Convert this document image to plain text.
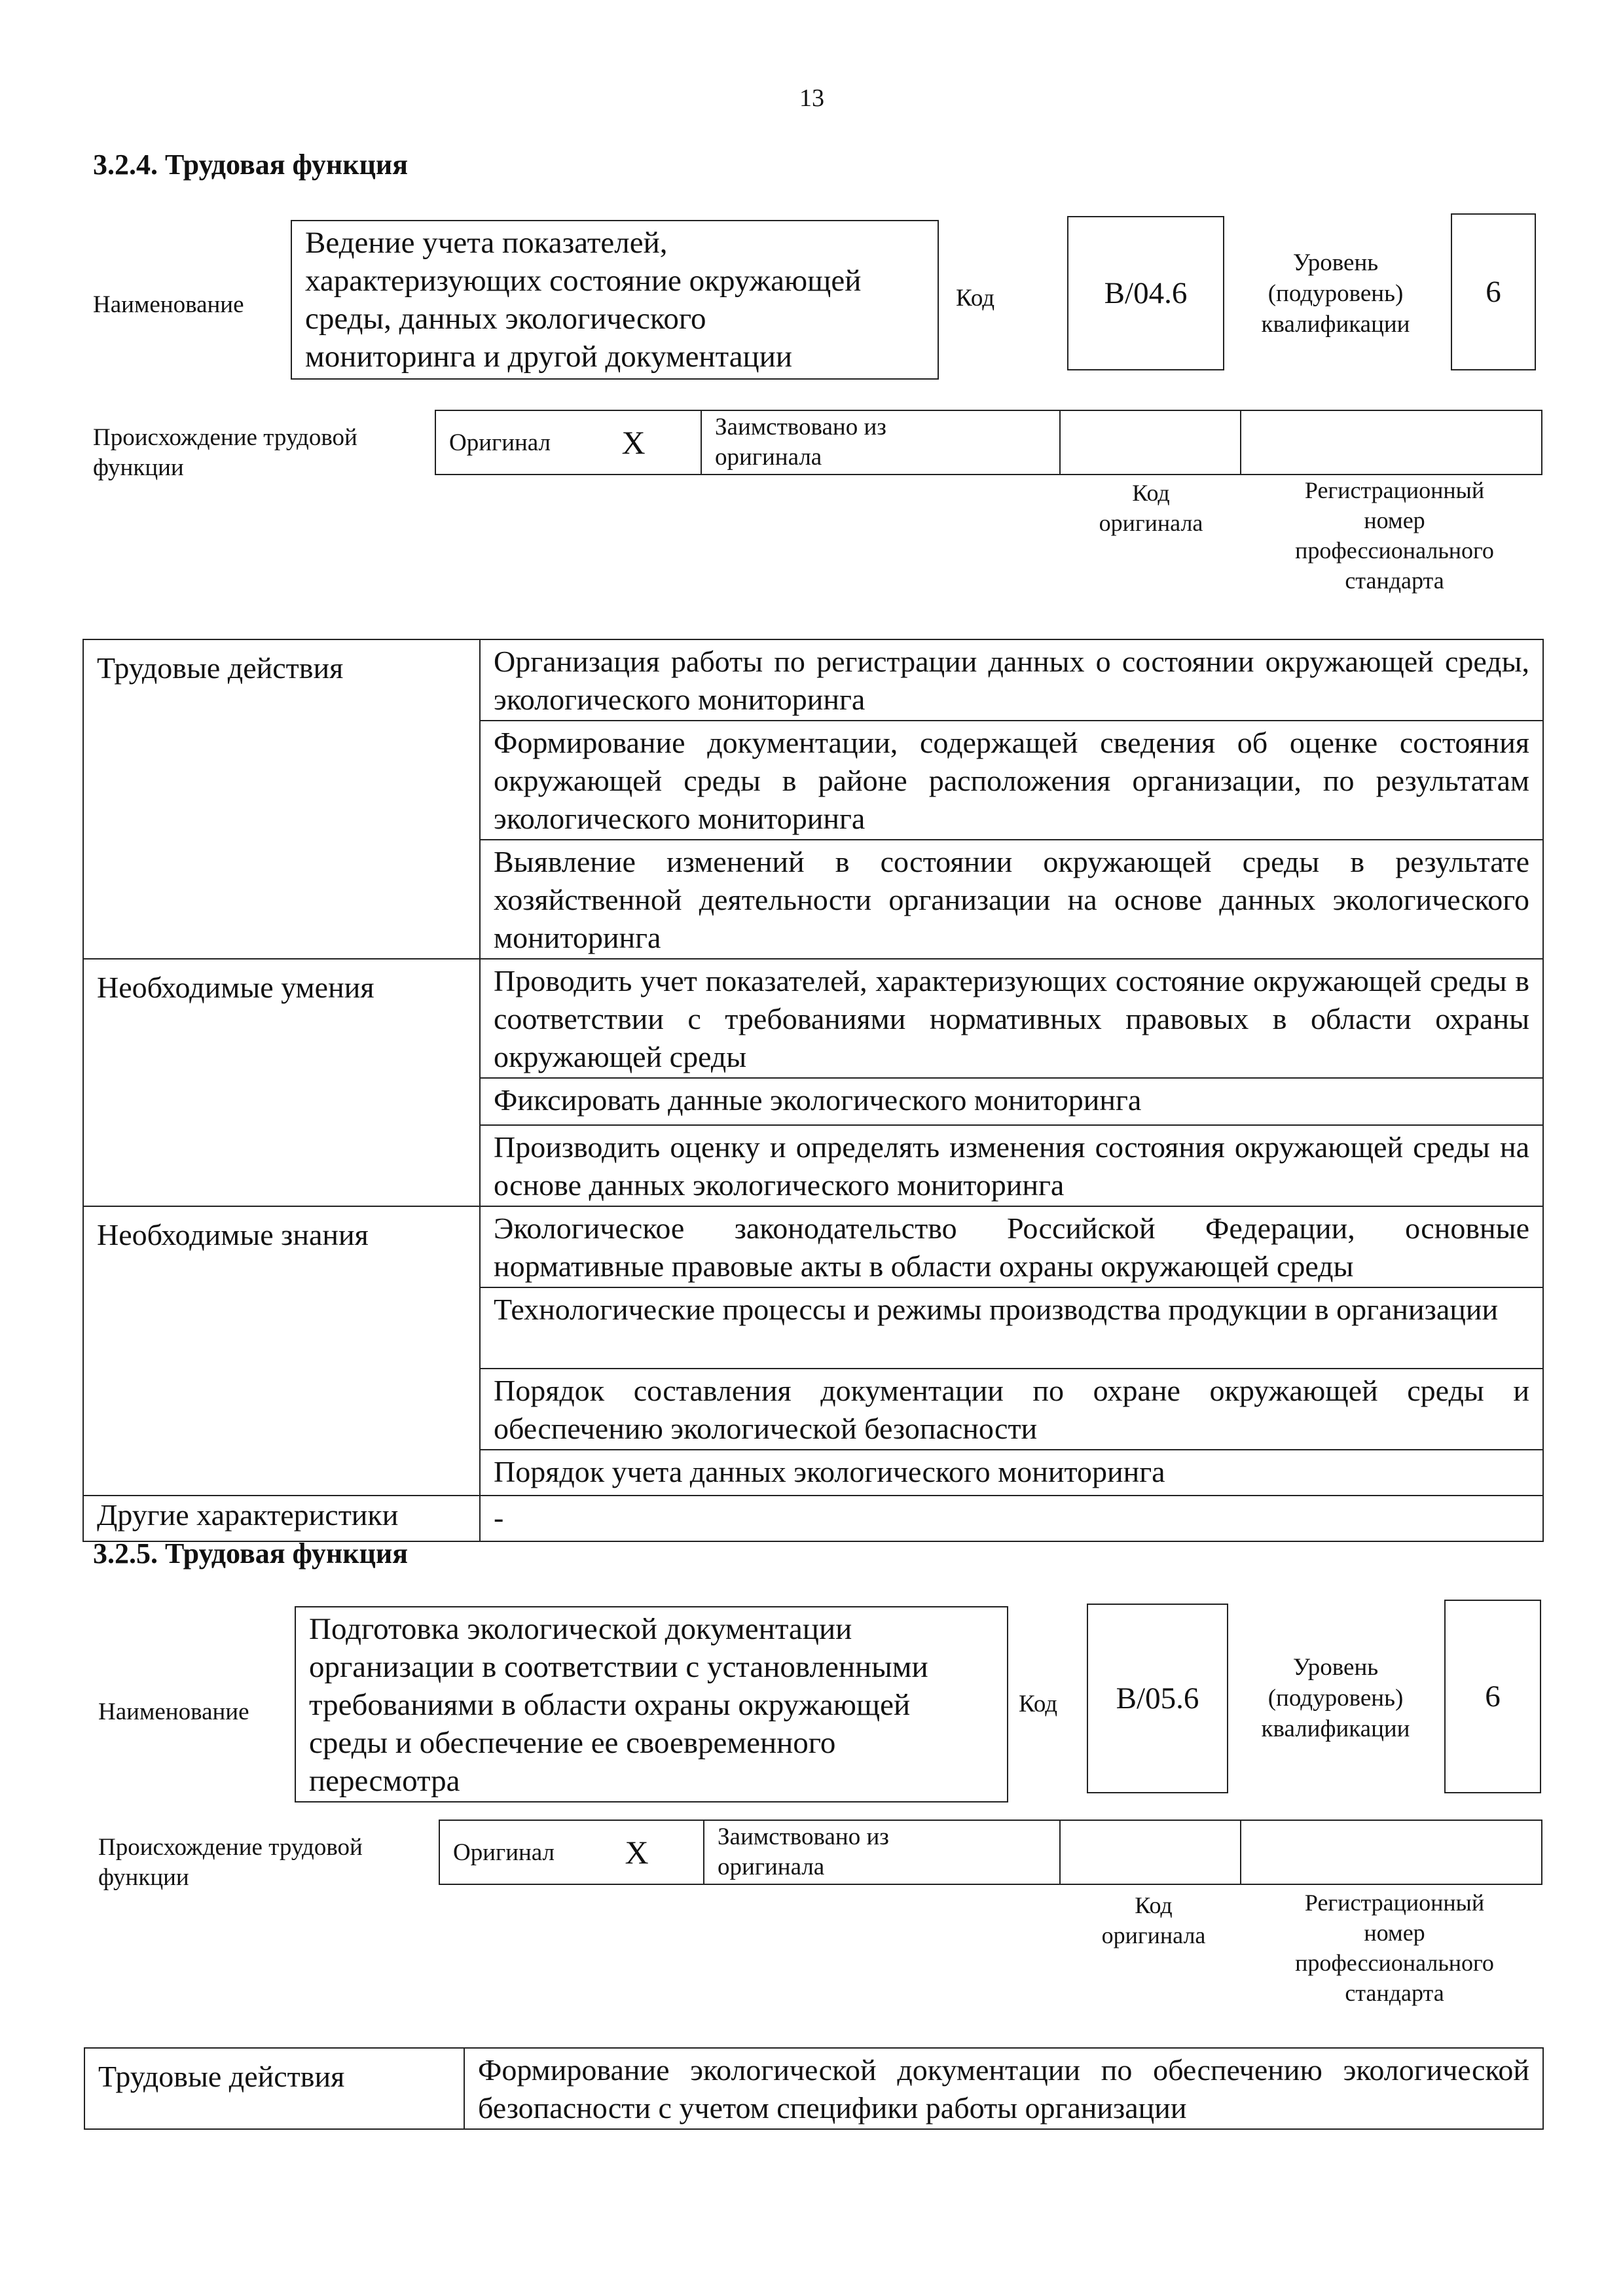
13
3.2.4. Трудовая функция
Наименование
Ведение учета показателей,
характеризующих состояние окружающей
среды, данных экологического
мониторинга и другой документации
Код	B/04.6
Уровень
(подуровень)
квалификации
6
Происхождение трудовой
функции
Оригинал	X	Заимствовано из
оригинала

Код
оригинала
Регистрационный
номер
профессионального
стандарта
Трудовые действия	Организация работы по регистрации данных о состоянии окружающей среды, экологического мониторинга
	Формирование документации, содержащей сведения об оценке состояния окружающей среды в районе расположения организации, по результатам экологического мониторинга
	Выявление изменений в состоянии окружающей среды в результате хозяйственной деятельности организации на основе данных экологического мониторинга
Необходимые умения	Проводить учет показателей, характеризующих состояние окружающей среды в соответствии с требованиями нормативных правовых в области охраны окружающей среды
	Фиксировать данные экологического мониторинга
	Производить оценку и определять изменения состояния окружающей среды на основе данных экологического мониторинга
Необходимые знания	Экологическое законодательство Российской Федерации, основные нормативные правовые акты в области охраны окружающей среды
	Технологические процессы и режимы производства продукции в организации
	Порядок составления документации по охране окружающей среды и обеспечению экологической безопасности
	Порядок учета данных экологического мониторинга
Другие характеристики	-
3.2.5. Трудовая функция
Наименование
Подготовка экологической документации
организации в соответствии с установленными
требованиями в области охраны окружающей
среды и обеспечение ее своевременного
пересмотра
Код	B/05.6
Уровень
(подуровень)
квалификации
6
Происхождение трудовой
функции
Оригинал	X	Заимствовано из
оригинала

Код
оригинала
Регистрационный
номер
профессионального
стандарта
Трудовые действия	Формирование экологической документации по обеспечению экологической безопасности с учетом специфики работы организации
